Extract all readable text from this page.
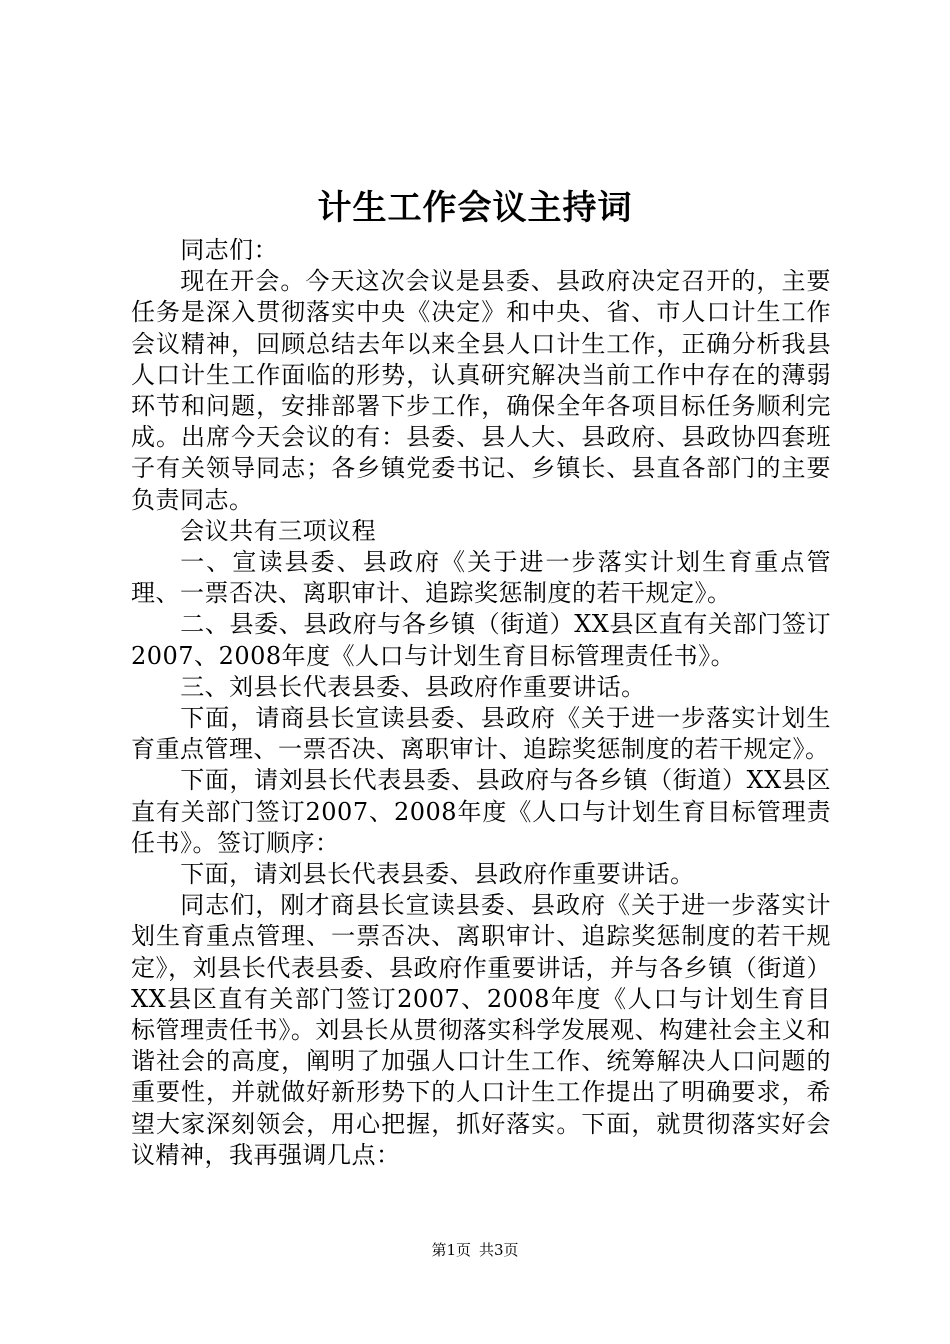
计生工作会议主持词

同志们：

现在开会。今天这次会议是县委、县政府决定召开的，主要任务是深入贯彻落实中央《决定》和中央、省、市人口计生工作会议精神，回顾总结去年以来全县人口计生工作，正确分析我县人口计生工作面临的形势，认真研究解决当前工作中存在的薄弱环节和问题，安排部署下步工作，确保全年各项目标任务顺利完成。出席今天会议的有：县委、县人大、县政府、县政协四套班子有关领导同志；各乡镇党委书记、乡镇长、县直各部门的主要负责同志。

会议共有三项议程

一、宣读县委、县政府《关于进一步落实计划生育重点管理、一票否决、离职审计、追踪奖惩制度的若干规定》。

二、县委、县政府与各乡镇（街道）XX县区直有关部门签订2007、2008年度《人口与计划生育目标管理责任书》。

三、刘县长代表县委、县政府作重要讲话。

下面，请商县长宣读县委、县政府《关于进一步落实计划生育重点管理、一票否决、离职审计、追踪奖惩制度的若干规定》。

下面，请刘县长代表县委、县政府与各乡镇（街道）XX县区直有关部门签订2007、2008年度《人口与计划生育目标管理责任书》。签订顺序：

下面，请刘县长代表县委、县政府作重要讲话。

同志们，刚才商县长宣读县委、县政府《关于进一步落实计划生育重点管理、一票否决、离职审计、追踪奖惩制度的若干规定》，刘县长代表县委、县政府作重要讲话，并与各乡镇（街道）XX县区直有关部门签订2007、2008年度《人口与计划生育目标管理责任书》。刘县长从贯彻落实科学发展观、构建社会主义和谐社会的高度，阐明了加强人口计生工作、统筹解决人口问题的重要性，并就做好新形势下的人口计生工作提出了明确要求，希望大家深刻领会，用心把握，抓好落实。下面，就贯彻落实好会议精神，我再强调几点：

第1页 共3页
